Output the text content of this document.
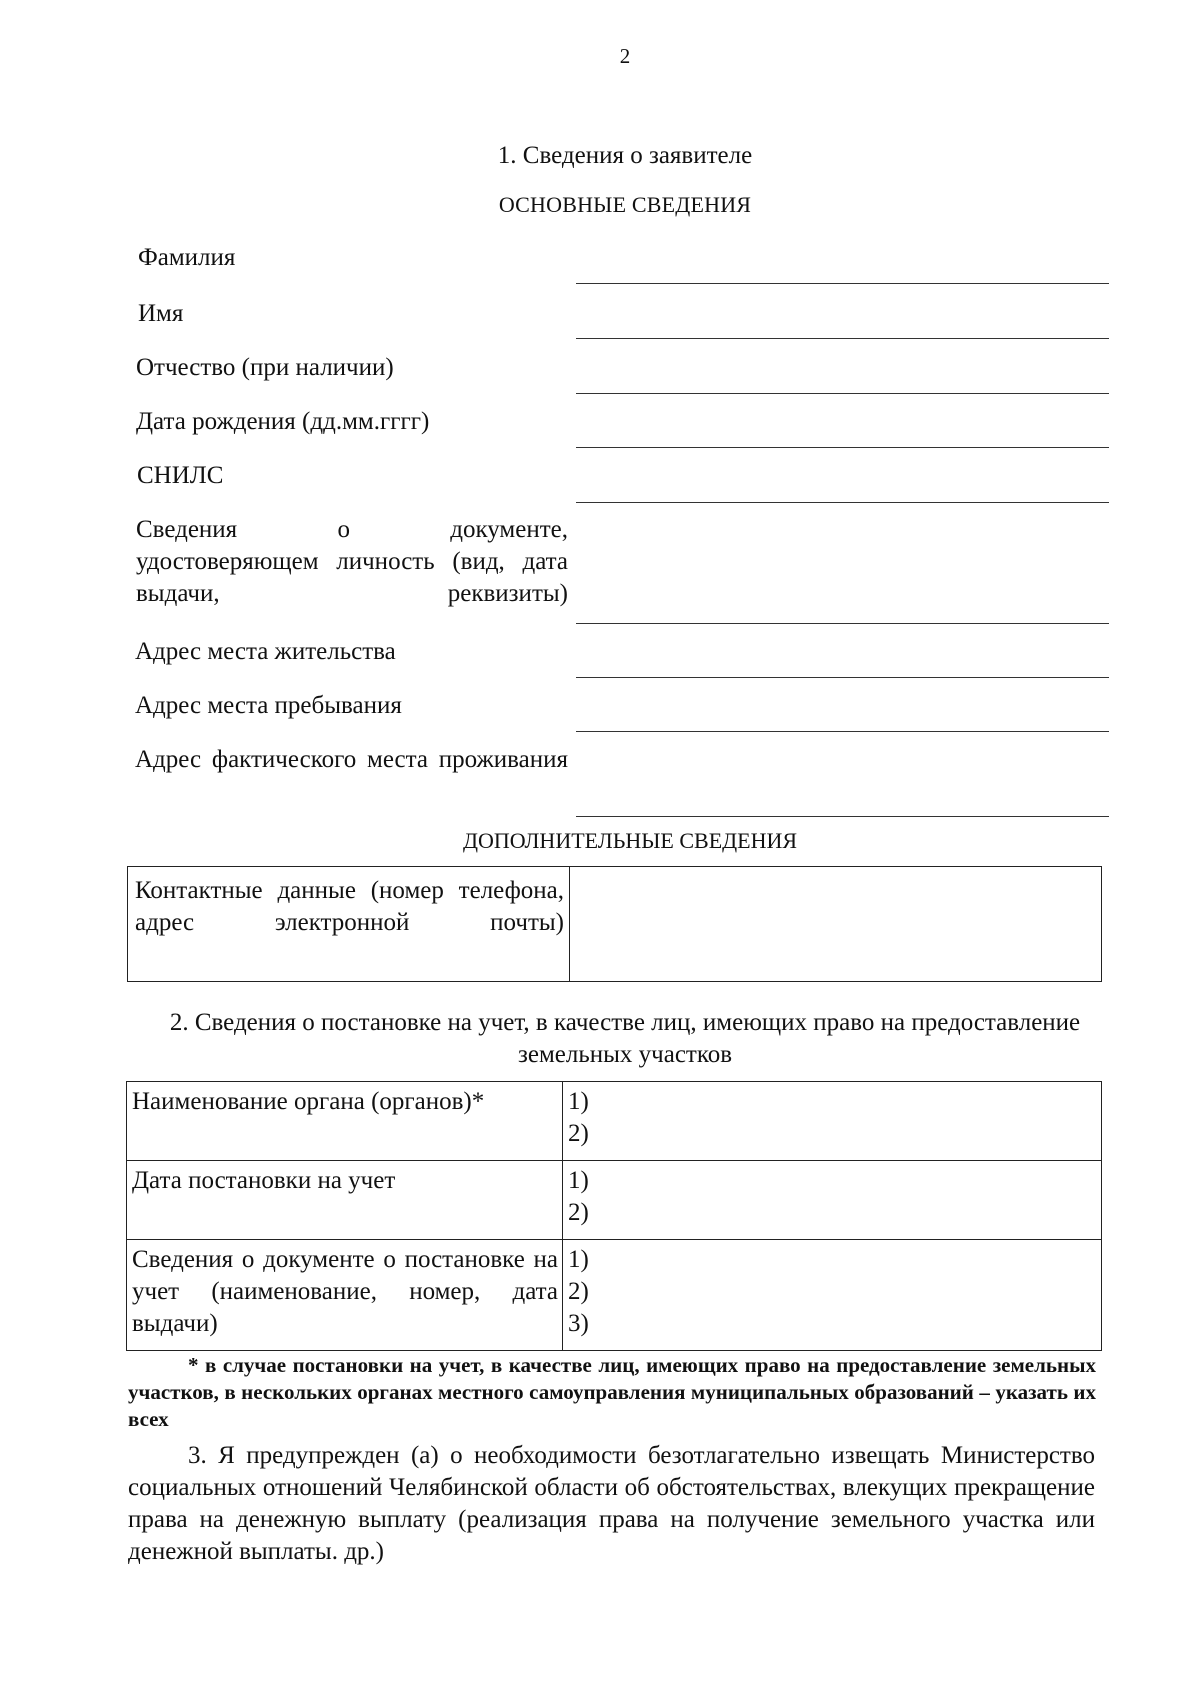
2
1. Сведения о заявителе
ОСНОВНЫЕ СВЕДЕНИЯ
Фамилия
Имя
Отчество (при наличии)
Дата рождения (дд.мм.гггг)
СНИЛС
Сведения о документе, удостоверяющем личность (вид, дата выдачи, реквизиты)
Адрес места жительства
Адрес места пребывания
Адрес фактического места проживания
ДОПОЛНИТЕЛЬНЫЕ СВЕДЕНИЯ
Контактные данные (номер телефона, адрес электронной почты)

2. Сведения о постановке на учет, в качестве лиц, имеющих право на предоставление земельных участков
Наименование органа (органов)*	1)
2)

Дата постановки на учет	1)
2)

Сведения о документе о постановке на учет (наименование, номер, дата выдачи)	1)
2)
3)
* в случае постановки на учет, в качестве лиц, имеющих право на предоставление земельных участков, в нескольких органах местного самоуправления муниципальных образований – указать их всех
3. Я предупрежден (а) о необходимости безотлагательно извещать Министерство социальных отношений Челябинской области об обстоятельствах, влекущих прекращение права на денежную выплату (реализация права на получение земельного участка или денежной выплаты. др.)
